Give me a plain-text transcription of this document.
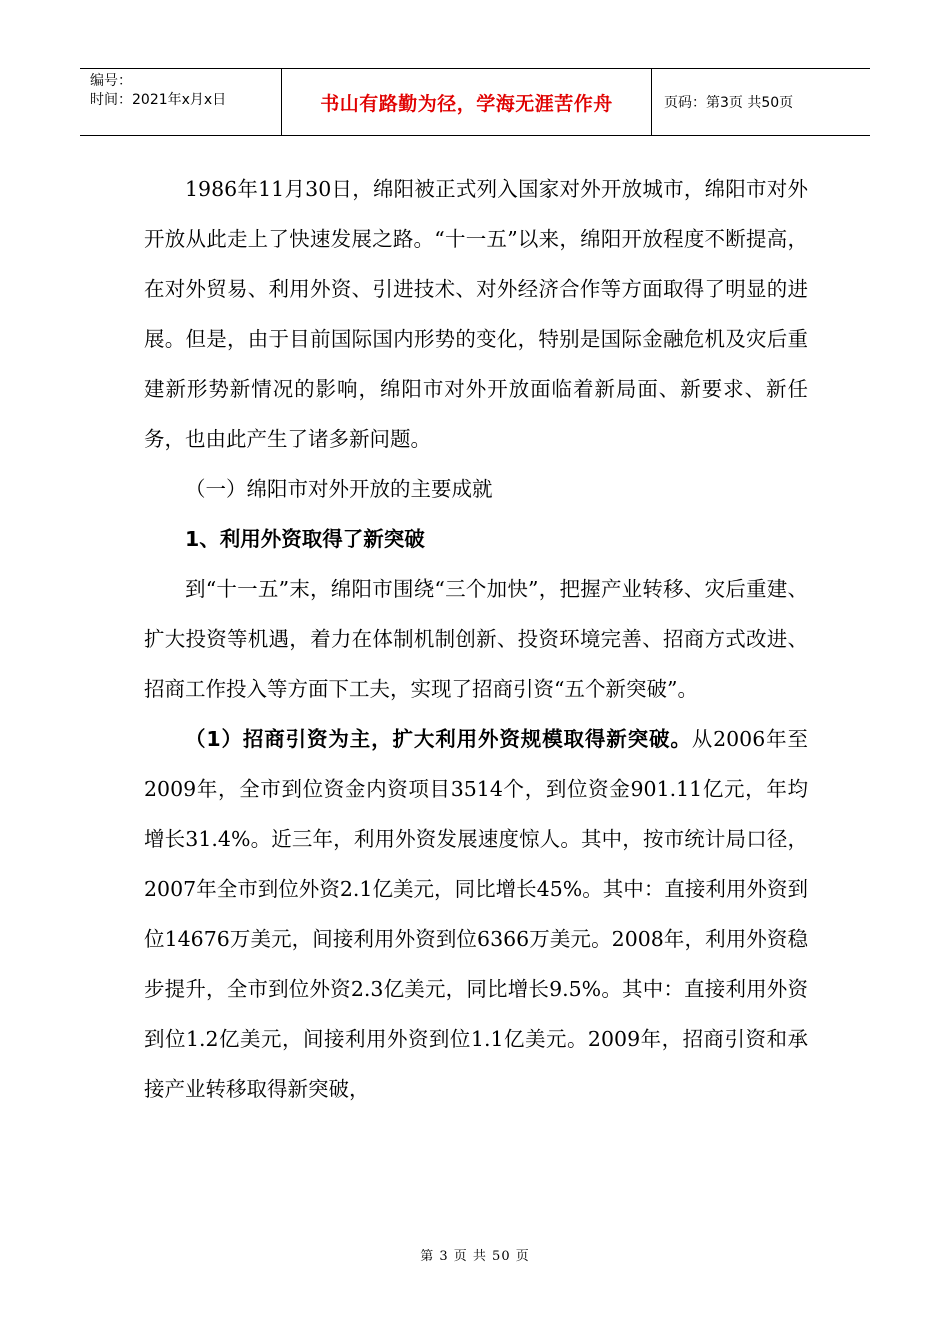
编号：
时间：2021年x月x日	书山有路勤为径，学海无涯苦作舟	页码：第3页 共50页

1986年11月30日，绵阳被正式列入国家对外开放城市，绵阳市对外开放从此走上了快速发展之路。“十一五”以来，绵阳开放程度不断提高，在对外贸易、利用外资、引进技术、对外经济合作等方面取得了明显的进展。但是，由于目前国际国内形势的变化，特别是国际金融危机及灾后重建新形势新情况的影响，绵阳市对外开放面临着新局面、新要求、新任务，也由此产生了诸多新问题。

（一）绵阳市对外开放的主要成就

1、利用外资取得了新突破

到“十一五”末，绵阳市围绕“三个加快”，把握产业转移、灾后重建、扩大投资等机遇，着力在体制机制创新、投资环境完善、招商方式改进、招商工作投入等方面下工夫，实现了招商引资“五个新突破”。

（1）招商引资为主，扩大利用外资规模取得新突破。从2006年至2009年，全市到位资金内资项目3514个，到位资金901.11亿元，年均增长31.4%。近三年，利用外资发展速度惊人。其中，按市统计局口径，2007年全市到位外资2.1亿美元，同比增长45%。其中：直接利用外资到位14676万美元，间接利用外资到位6366万美元。2008年，利用外资稳步提升，全市到位外资2.3亿美元，同比增长9.5%。其中：直接利用外资到位1.2亿美元，间接利用外资到位1.1亿美元。2009年，招商引资和承接产业转移取得新突破，

第 3 页 共 50 页
